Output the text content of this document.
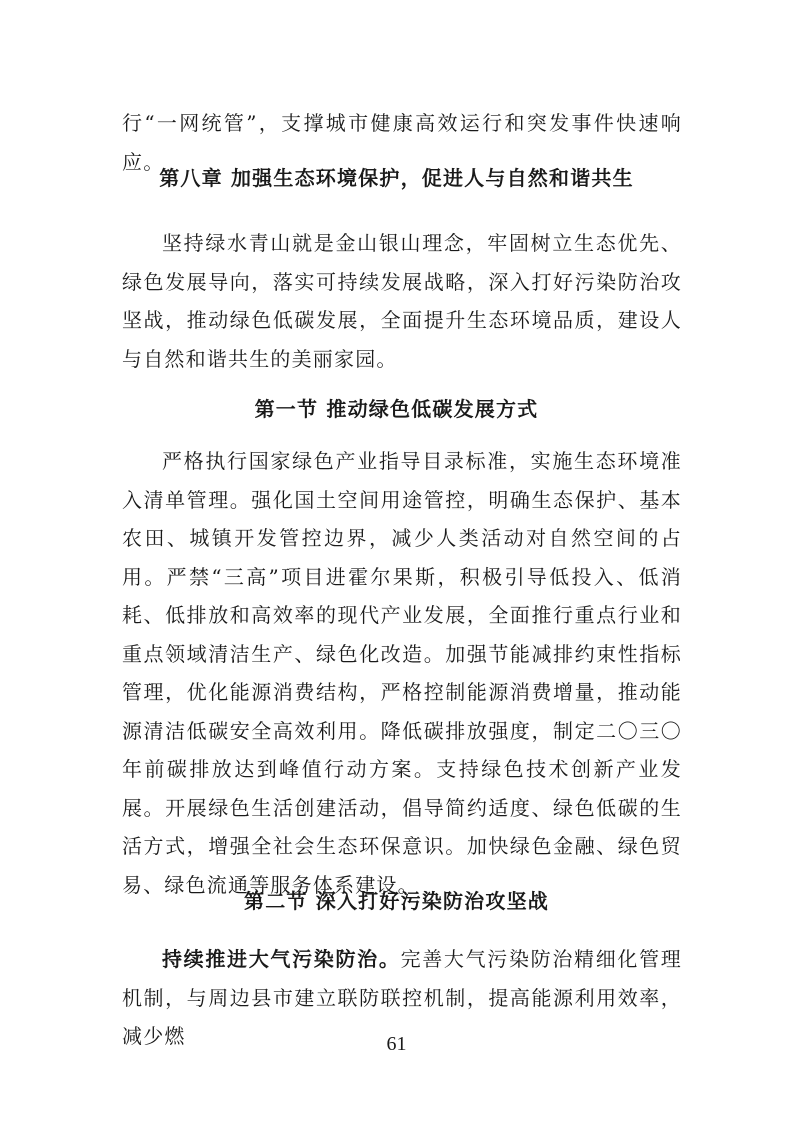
行“一网统管”，支撑城市健康高效运行和突发事件快速响应。

第八章 加强生态环境保护，促进人与自然和谐共生

坚持绿水青山就是金山银山理念，牢固树立生态优先、绿色发展导向，落实可持续发展战略，深入打好污染防治攻坚战，推动绿色低碳发展，全面提升生态环境品质，建设人与自然和谐共生的美丽家园。

第一节 推动绿色低碳发展方式

严格执行国家绿色产业指导目录标准，实施生态环境准入清单管理。强化国土空间用途管控，明确生态保护、基本农田、城镇开发管控边界，减少人类活动对自然空间的占用。严禁“三高”项目进霍尔果斯，积极引导低投入、低消耗、低排放和高效率的现代产业发展，全面推行重点行业和重点领域清洁生产、绿色化改造。加强节能减排约束性指标管理，优化能源消费结构，严格控制能源消费增量，推动能源清洁低碳安全高效利用。降低碳排放强度，制定二〇三〇年前碳排放达到峰值行动方案。支持绿色技术创新产业发展。开展绿色生活创建活动，倡导简约适度、绿色低碳的生活方式，增强全社会生态环保意识。加快绿色金融、绿色贸易、绿色流通等服务体系建设。

第二节 深入打好污染防治攻坚战

持续推进大气污染防治。完善大气污染防治精细化管理机制，与周边县市建立联防联控机制，提高能源利用效率，减少燃	61
